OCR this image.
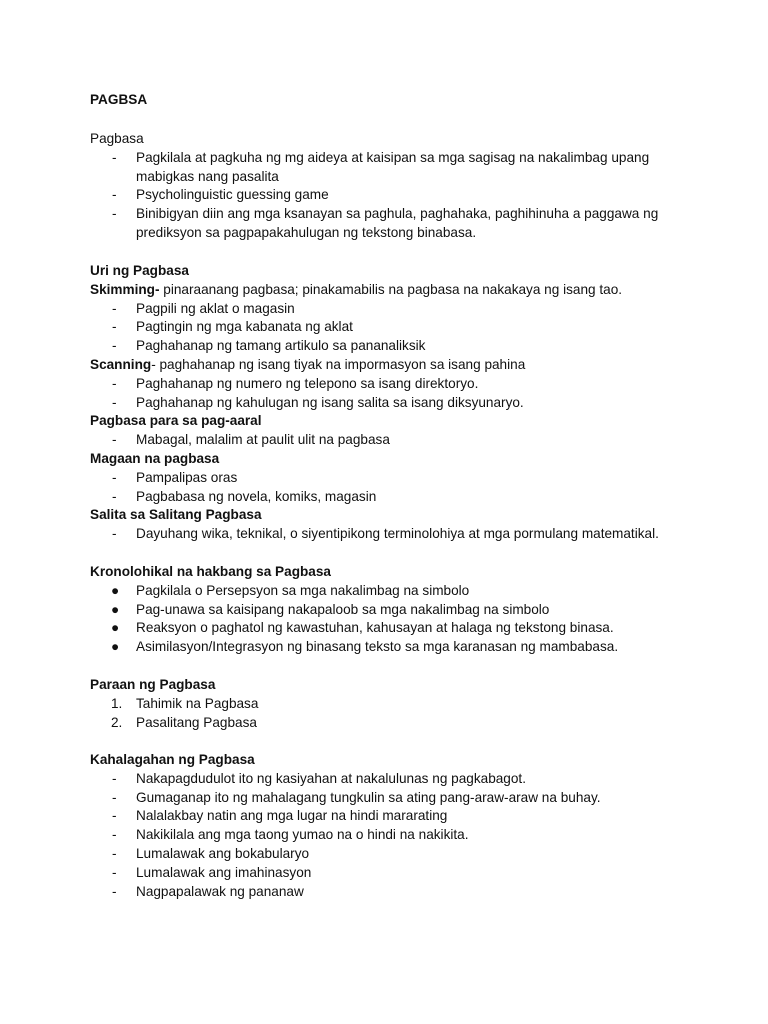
PAGBSA

Pagbasa

- Pagkilala at pagkuha ng mg aideya at kaisipan sa mga sagisag na nakalimbag upang
mabigkas nang pasalita
- Psycholinguistic guessing game
- Binibigyan diin ang mga ksanayan sa paghula, paghahaka, paghihinuha a paggawa ng
prediksyon sa pagpapakahulugan ng tekstong binabasa.

Uri ng Pagbasa

Skimming- pinaraanang pagbasa; pinakamabilis na pagbasa na nakakaya ng isang tao.

- Pagpili ng aklat o magasin
- Pagtingin ng mga kabanata ng aklat
- Paghahanap ng tamang artikulo sa pananaliksik

Scanning- paghahanap ng isang tiyak na impormasyon sa isang pahina

- Paghahanap ng numero ng telepono sa isang direktoryo.
- Paghahanap ng kahulugan ng isang salita sa isang diksyunaryo.

Pagbasa para sa pag-aaral

- Mabagal, malalim at paulit ulit na pagbasa

Magaan na pagbasa

- Pampalipas oras
- Pagbabasa ng novela, komiks, magasin

Salita sa Salitang Pagbasa

- Dayuhang wika, teknikal, o siyentipikong terminolohiya at mga pormulang matematikal.

Kronolohikal na hakbang sa Pagbasa

● Pagkilala o Persepsyon sa mga nakalimbag na simbolo
● Pag-unawa sa kaisipang nakapaloob sa mga nakalimbag na simbolo
● Reaksyon o paghatol ng kawastuhan, kahusayan at halaga ng tekstong binasa.
● Asimilasyon/Integrasyon ng binasang teksto sa mga karanasan ng mambabasa.

Paraan ng Pagbasa

1. Tahimik na Pagbasa
2. Pasalitang Pagbasa

Kahalagahan ng Pagbasa

- Nakapagdudulot ito ng kasiyahan at nakalulunas ng pagkabagot.
- Gumaganap ito ng mahalagang tungkulin sa ating pang-araw-araw na buhay.
- Nalalakbay natin ang mga lugar na hindi mararating
- Nakikilala ang mga taong yumao na o hindi na nakikita.
- Lumalawak ang bokabularyo
- Lumalawak ang imahinasyon
- Nagpapalawak ng pananaw
